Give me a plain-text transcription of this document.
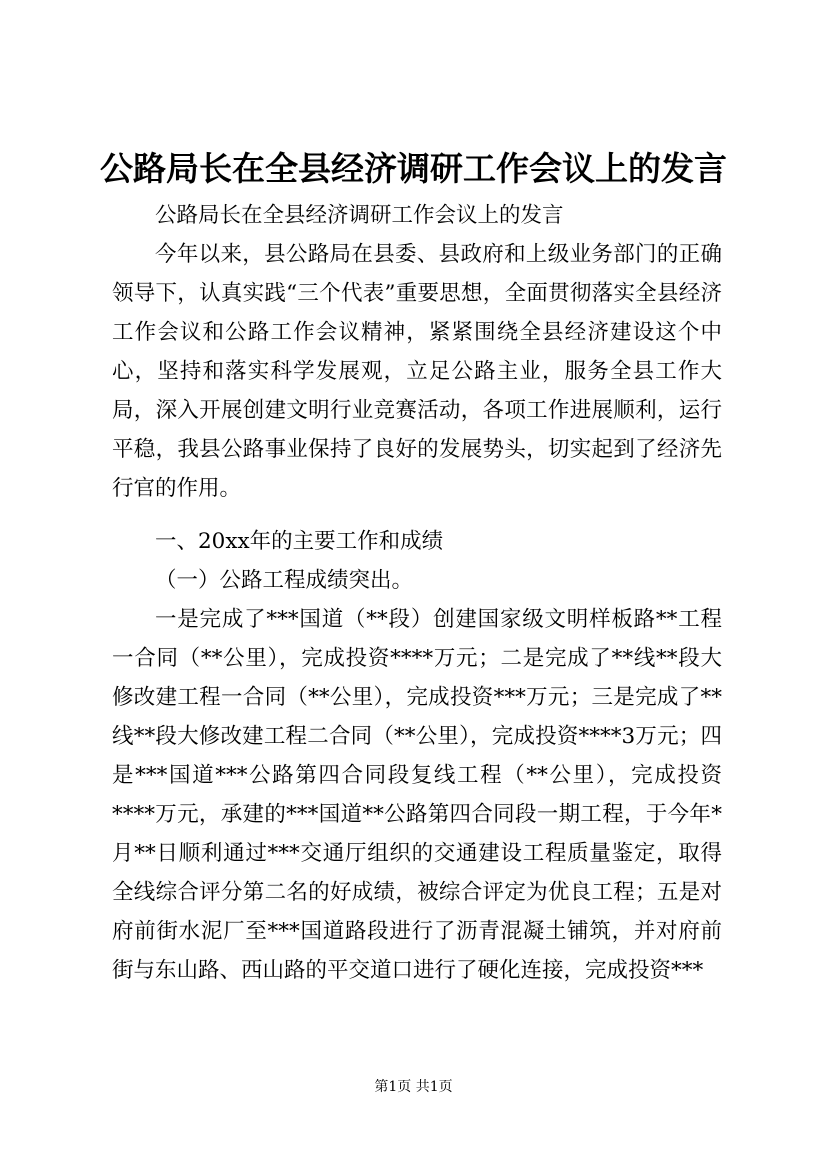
公路局长在全县经济调研工作会议上的发言

公路局长在全县经济调研工作会议上的发言

今年以来，县公路局在县委、县政府和上级业务部门的正确领导下，认真实践“三个代表”重要思想，全面贯彻落实全县经济工作会议和公路工作会议精神，紧紧围绕全县经济建设这个中心，坚持和落实科学发展观，立足公路主业，服务全县工作大局，深入开展创建文明行业竞赛活动，各项工作进展顺利，运行平稳，我县公路事业保持了良好的发展势头，切实起到了经济先行官的作用。

一、20xx年的主要工作和成绩

（一）公路工程成绩突出。

一是完成了***国道（**段）创建国家级文明样板路**工程一合同（**公里），完成投资****万元；二是完成了**线**段大修改建工程一合同（**公里），完成投资***万元；三是完成了**线**段大修改建工程二合同（**公里），完成投资****3万元；四是***国道***公路第四合同段复线工程（**公里），完成投资****万元，承建的***国道**公路第四合同段一期工程，于今年*月**日顺利通过***交通厅组织的交通建设工程质量鉴定，取得全线综合评分第二名的好成绩，被综合评定为优良工程；五是对府前街水泥厂至***国道路段进行了沥青混凝土铺筑，并对府前街与东山路、西山路的平交道口进行了硬化连接，完成投资***

第1页 共1页
